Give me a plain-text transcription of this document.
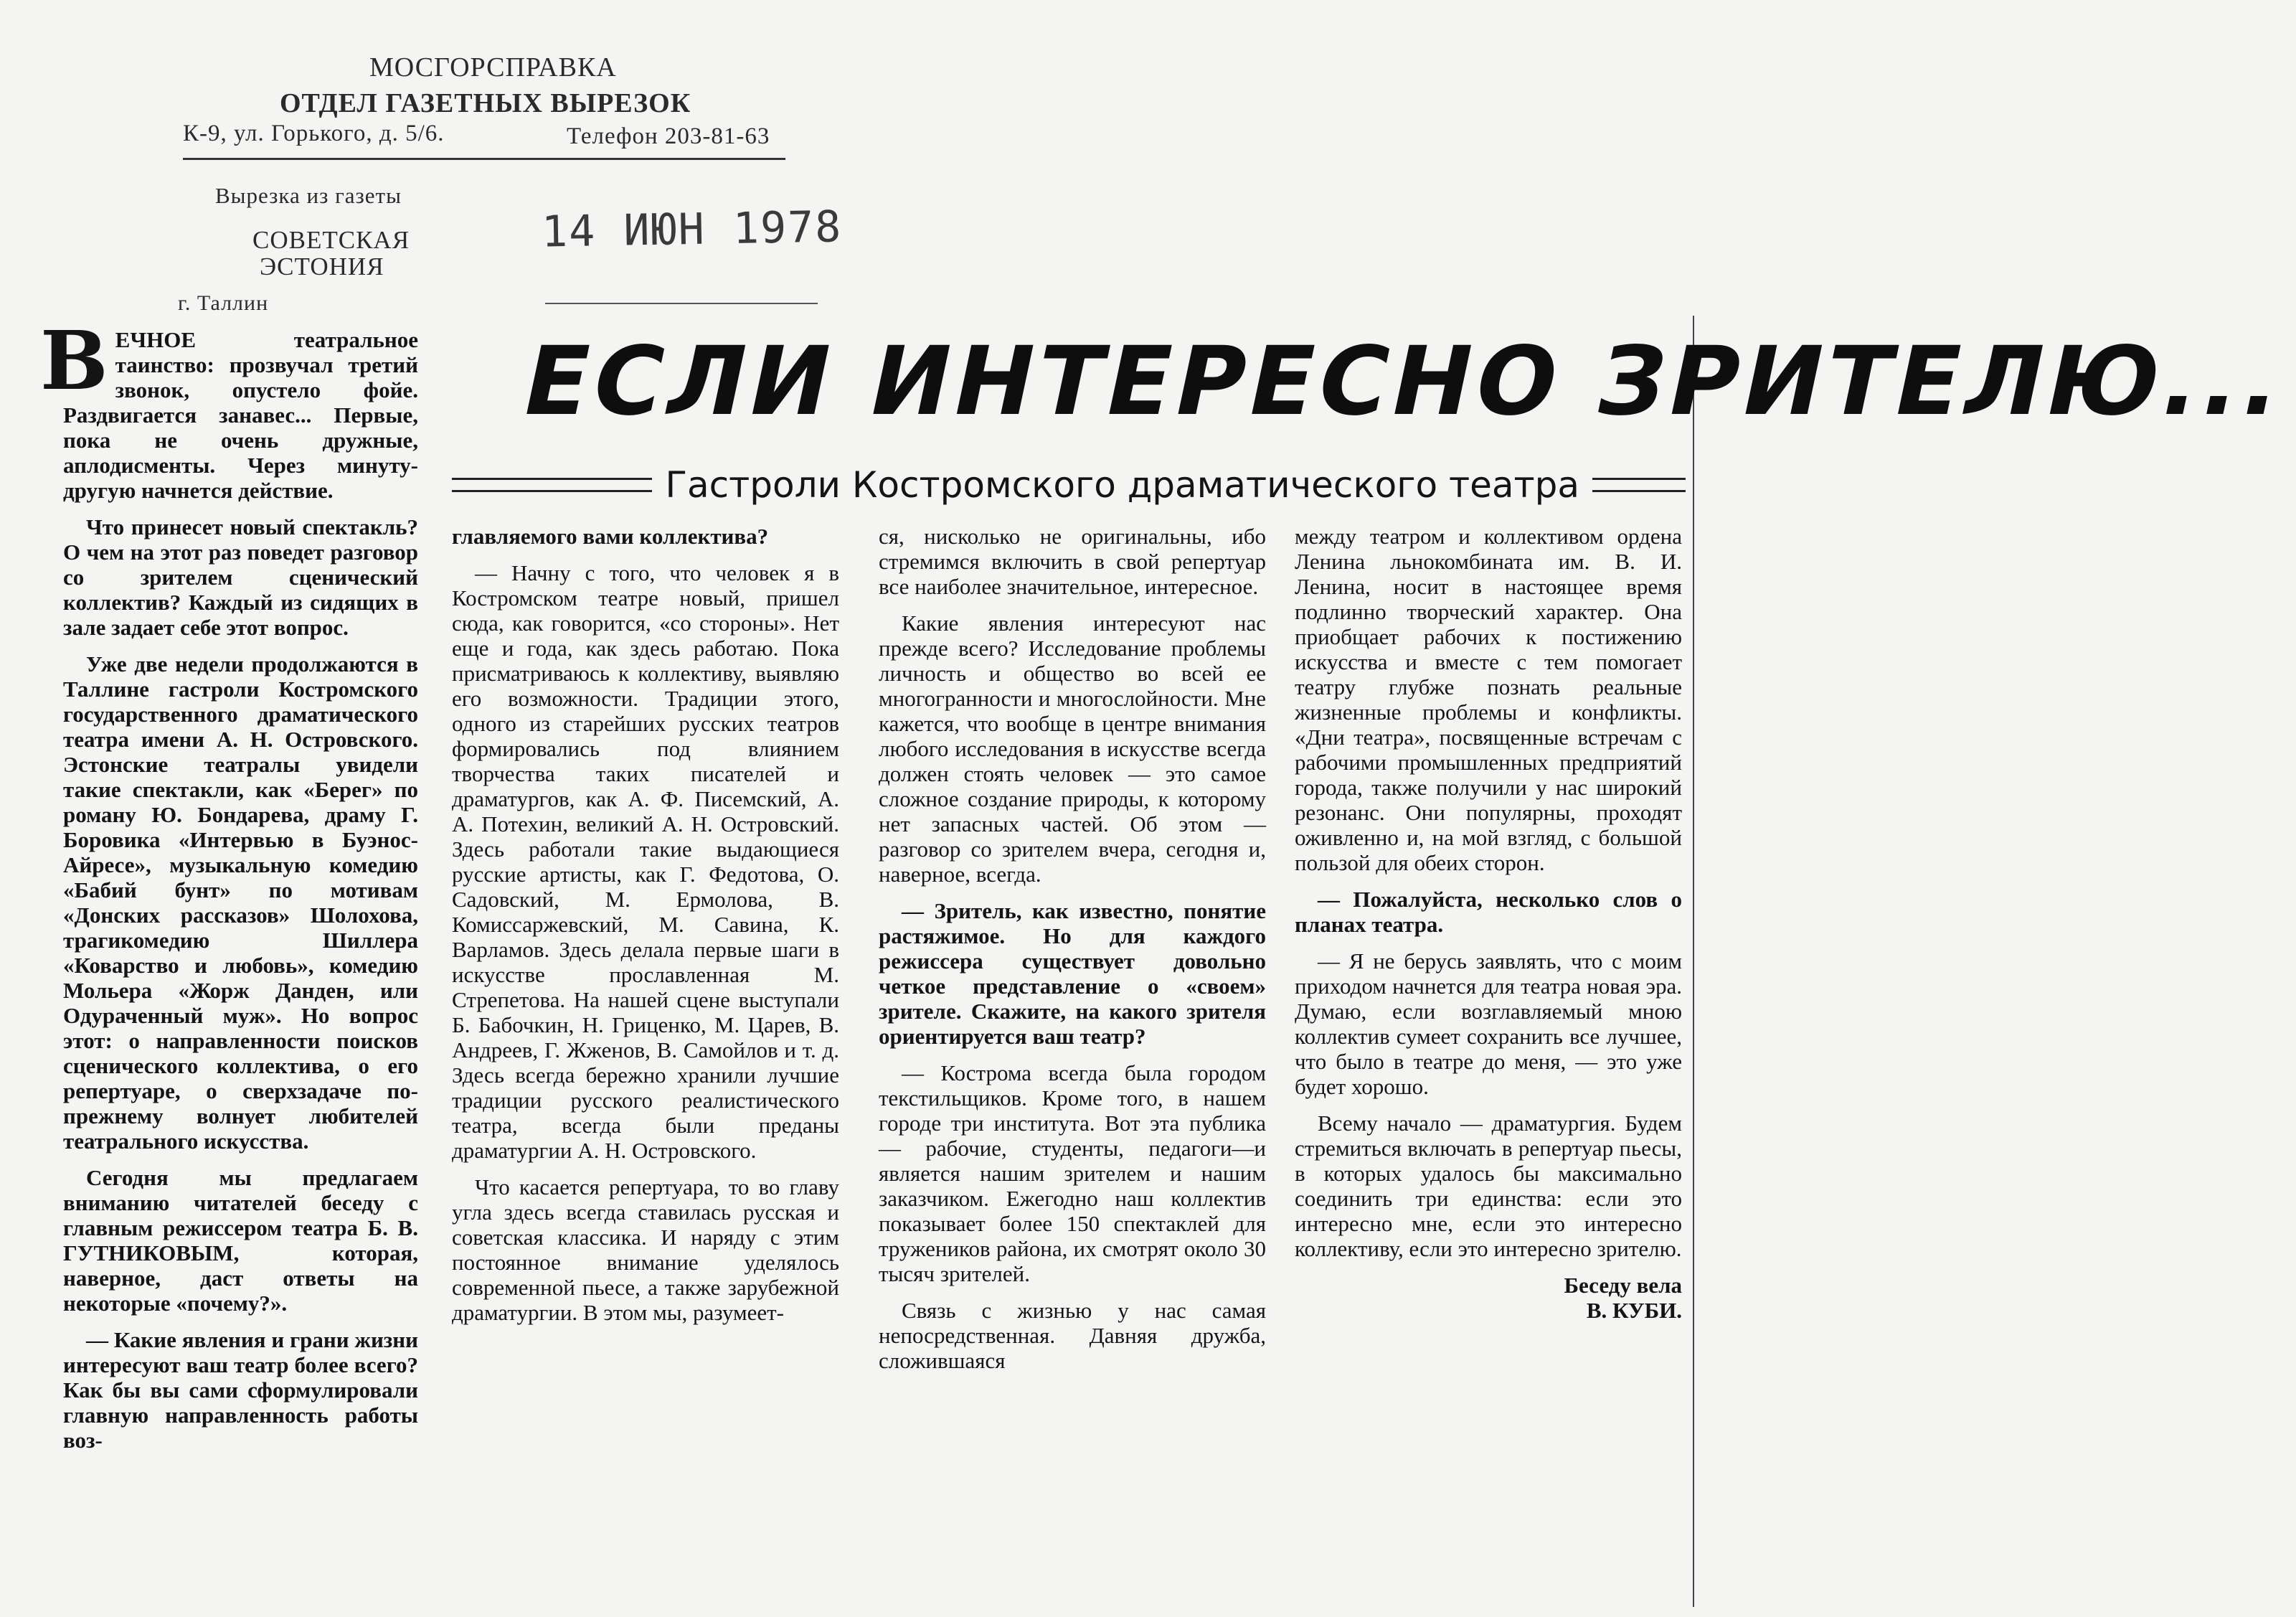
МОСГОРСПРАВКА
ОТДЕЛ ГАЗЕТНЫХ ВЫРЕЗОК
К-9, ул. Горького, д. 5/6.	Телефон 203-81-63
Вырезка из газеты
СОВЕТСКАЯ
ЭСТОНИЯ
г. Таллин
14 ИЮН 1978
ЕСЛИ ИНТЕРЕСНО ЗРИТЕЛЮ...
Гастроли Костромского драматического театра

ВЕЧНОЕ театральное таинство: прозвучал третий звонок, опустело фойе. Раздвигается занавес... Первые, пока не очень дружные, аплодисменты. Через минуту-другую начнется действие.

Что принесет новый спектакль? О чем на этот раз поведет разговор со зрителем сценический коллектив? Каждый из сидящих в зале задает себе этот вопрос.

Уже две недели продолжаются в Таллине гастроли Костромского государственного драматического театра имени А. Н. Островского. Эстонские театралы увидели такие спектакли, как «Берег» по роману Ю. Бондарева, драму Г. Боровика «Интервью в Буэнос-Айресе», музыкальную комедию «Бабий бунт» по мотивам «Донских рассказов» Шолохова, трагикомедию Шиллера «Коварство и любовь», комедию Мольера «Жорж Данден, или Одураченный муж». Но вопрос этот: о направленности поисков сценического коллектива, о его репертуаре, о сверхзадаче по-прежнему волнует любителей театрального искусства.

Сегодня мы предлагаем вниманию читателей беседу с главным режиссером театра Б. В. ГУТНИКОВЫМ, которая, наверное, даст ответы на некоторые «почему?».

— Какие явления и грани жизни интересуют ваш театр более всего? Как бы вы сами сформулировали главную направленность работы воз-

главляемого вами коллектива?

— Начну с того, что человек я в Костромском театре новый, пришел сюда, как говорится, «со стороны». Нет еще и года, как здесь работаю. Пока присматриваюсь к коллективу, выявляю его возможности. Традиции этого, одного из старейших русских театров формировались под влиянием творчества таких писателей и драматургов, как А. Ф. Писемский, А. А. Потехин, великий А. Н. Островский. Здесь работали такие выдающиеся русские артисты, как Г. Федотова, О. Садовский, М. Ермолова, В. Комиссаржевский, М. Савина, К. Варламов. Здесь делала первые шаги в искусстве прославленная М. Стрепетова. На нашей сцене выступали Б. Бабочкин, Н. Гриценко, М. Царев, В. Андреев, Г. Жженов, В. Самойлов и т. д. Здесь всегда бережно хранили лучшие традиции русского реалистического театра, всегда были преданы драматургии А. Н. Островского.

Что касается репертуара, то во главу угла здесь всегда ставилась русская и советская классика. И наряду с этим постоянное внимание уделялось современной пьесе, а также зарубежной драматургии. В этом мы, разумеет-

ся, нисколько не оригинальны, ибо стремимся включить в свой репертуар все наиболее значительное, интересное.

Какие явления интересуют нас прежде всего? Исследование проблемы личность и общество во всей ее многогранности и многослойности. Мне кажется, что вообще в центре внимания любого исследования в искусстве всегда должен стоять человек — это самое сложное создание природы, к которому нет запасных частей. Об этом — разговор со зрителем вчера, сегодня и, наверное, всегда.

— Зритель, как известно, понятие растяжимое. Но для каждого режиссера существует довольно четкое представление о «своем» зрителе. Скажите, на какого зрителя ориентируется ваш театр?

— Кострома всегда была городом текстильщиков. Кроме того, в нашем городе три института. Вот эта публика — рабочие, студенты, педагоги—и является нашим зрителем и нашим заказчиком. Ежегодно наш коллектив показывает более 150 спектаклей для тружеников района, их смотрят около 30 тысяч зрителей.

Связь с жизнью у нас самая непосредственная. Давняя дружба, сложившаяся

между театром и коллективом ордена Ленина льнокомбината им. В. И. Ленина, носит в настоящее время подлинно творческий характер. Она приобщает рабочих к постижению искусства и вместе с тем помогает театру глубже познать реальные жизненные проблемы и конфликты. «Дни театра», посвященные встречам с рабочими промышленных предприятий города, также получили у нас широкий резонанс. Они популярны, проходят оживленно и, на мой взгляд, с большой пользой для обеих сторон.

— Пожалуйста, несколько слов о планах театра.

— Я не берусь заявлять, что с моим приходом начнется для театра новая эра. Думаю, если возглавляемый мною коллектив сумеет сохранить все лучшее, что было в театре до меня, — это уже будет хорошо.

Всему начало — драматургия. Будем стремиться включать в репертуар пьесы, в которых удалось бы максимально соединить три единства: если это интересно мне, если это интересно коллективу, если это интересно зрителю.

Беседу вела

В. КУБИ.
